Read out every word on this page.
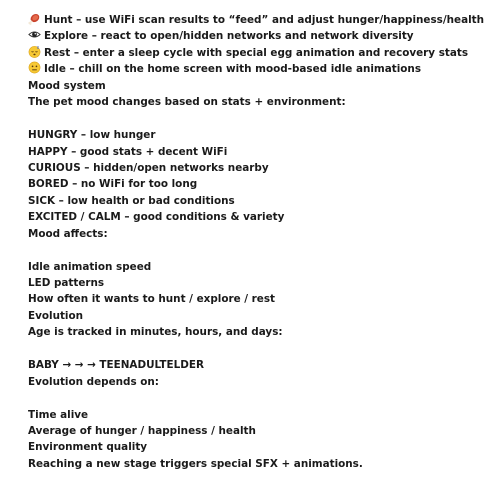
Hunt – use WiFi scan results to “feed” and adjust hunger/happiness/health
Explore – react to open/hidden networks and network diversity
z Rest – enter a sleep cycle with special egg animation and recovery stats
Idle – chill on the home screen with mood-based idle animations
Mood system
The pet mood changes based on stats + environment:
HUNGRY – low hunger
HAPPY – good stats + decent WiFi
CURIOUS – hidden/open networks nearby
BORED – no WiFi for too long
SICK – low health or bad conditions
EXCITED / CALM – good conditions & variety
Mood affects:
Idle animation speed
LED patterns
How often it wants to hunt / explore / rest
Evolution
Age is tracked in minutes, hours, and days:
BABY → → → TEENADULTELDER
Evolution depends on:
Time alive
Average of hunger / happiness / health
Environment quality
Reaching a new stage triggers special SFX + animations.
